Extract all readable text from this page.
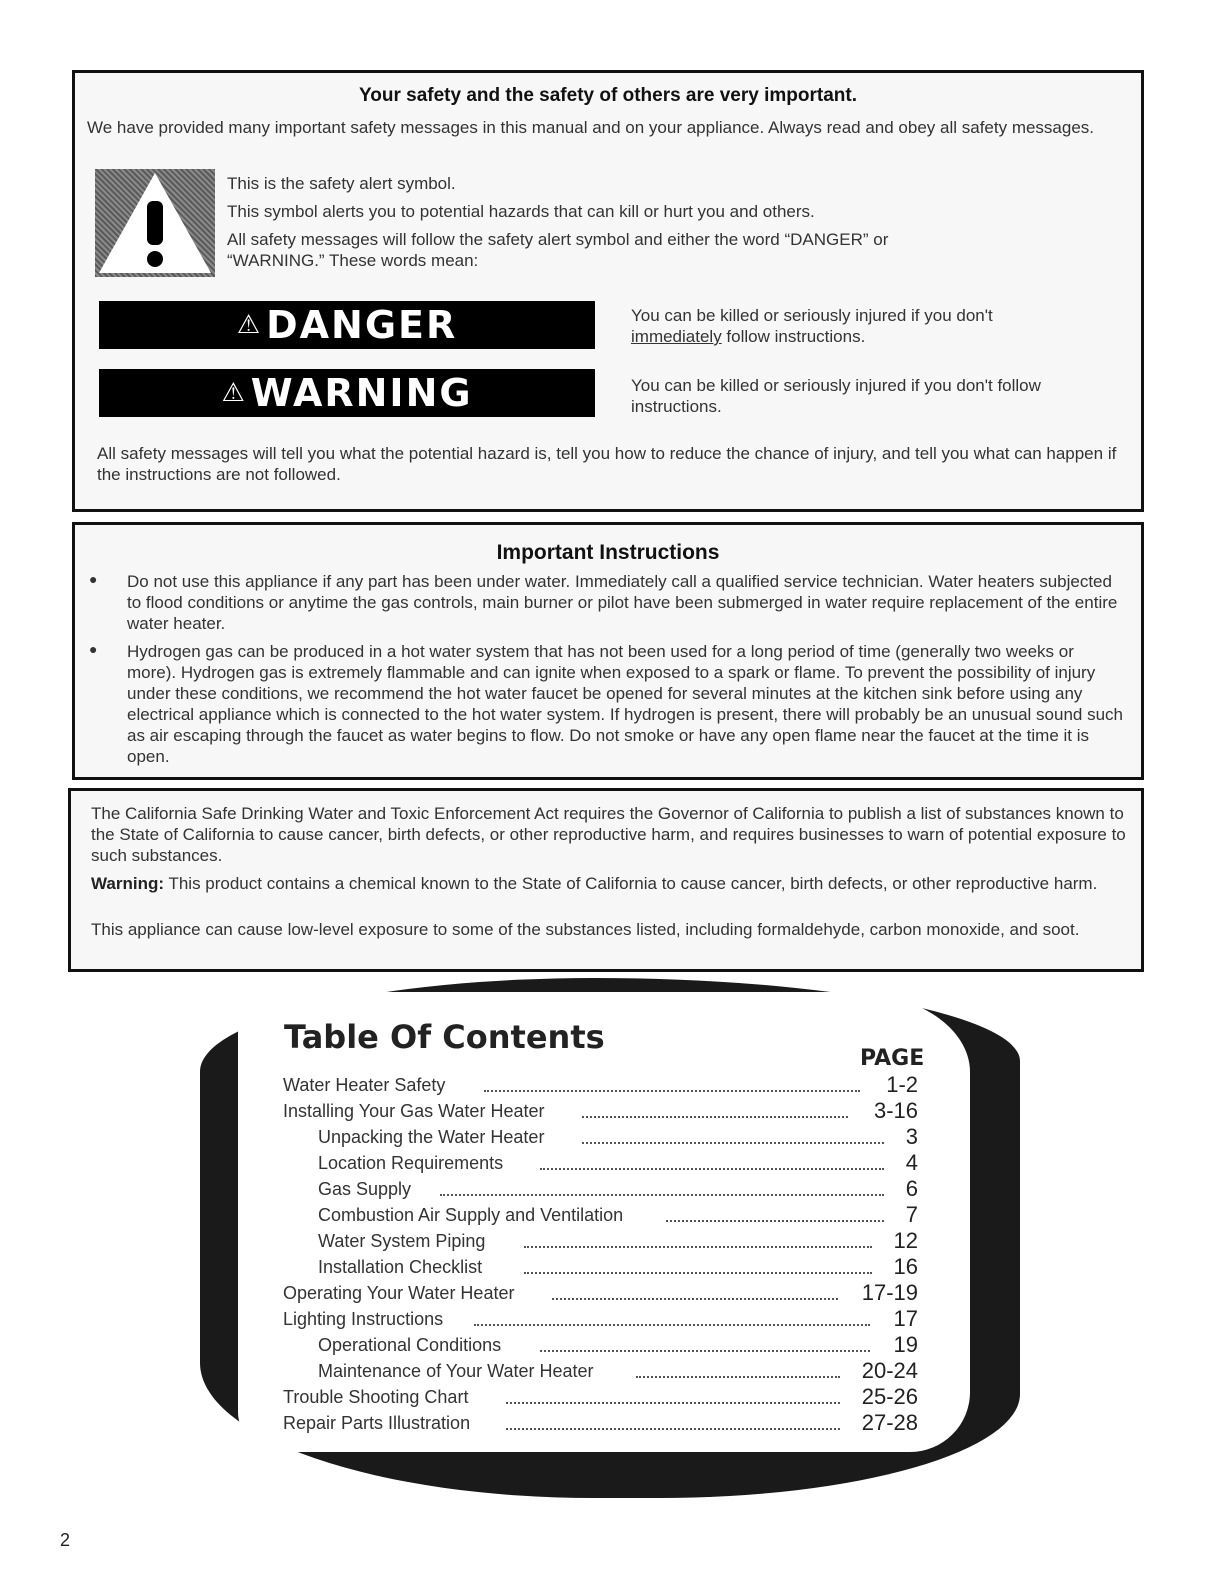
Your safety and the safety of others are very important.
We have provided many important safety messages in this manual and on your appliance. Always read and obey all safety messages.
This is the safety alert symbol.
This symbol alerts you to potential hazards that can kill or hurt you and others.
All safety messages will follow the safety alert symbol and either the word “DANGER” or
“WARNING.” These words mean:
⚠ DANGER	You can be killed or seriously injured if you don't
immediately follow instructions.
⚠ WARNING	You can be killed or seriously injured if you don't follow instructions.
All safety messages will tell you what the potential hazard is, tell you how to reduce the chance of injury, and tell you what can happen if the instructions are not followed.
Important Instructions
● Do not use this appliance if any part has been under water. Immediately call a qualified service technician. Water heaters subjected to flood conditions or anytime the gas controls, main burner or pilot have been submerged in water require replacement of the entire water heater.
● Hydrogen gas can be produced in a hot water system that has not been used for a long period of time (generally two weeks or more). Hydrogen gas is extremely flammable and can ignite when exposed to a spark or flame. To prevent the possibility of injury under these conditions, we recommend the hot water faucet be opened for several minutes at the kitchen sink before using any electrical appliance which is connected to the hot water system. If hydrogen is present, there will probably be an unusual sound such as air escaping through the faucet as water begins to flow. Do not smoke or have any open flame near the faucet at the time it is open.
The California Safe Drinking Water and Toxic Enforcement Act requires the Governor of California to publish a list of substances known to the State of California to cause cancer, birth defects, or other reproductive harm, and requires businesses to warn of potential exposure to such substances.
Warning: This product contains a chemical known to the State of California to cause cancer, birth defects, or other reproductive harm.
This appliance can cause low-level exposure to some of the substances listed, including formaldehyde, carbon monoxide, and soot.
Table Of Contents
PAGE
Water Heater Safety	1-2
Installing Your Gas Water Heater	3-16
Unpacking the Water Heater	3
Location Requirements	4
Gas Supply	6
Combustion Air Supply and Ventilation	7
Water System Piping	12
Installation Checklist	16
Operating Your Water Heater	17-19
Lighting Instructions	17
Operational Conditions	19
Maintenance of Your Water Heater	20-24
Trouble Shooting Chart	25-26
Repair Parts Illustration	27-28
2
